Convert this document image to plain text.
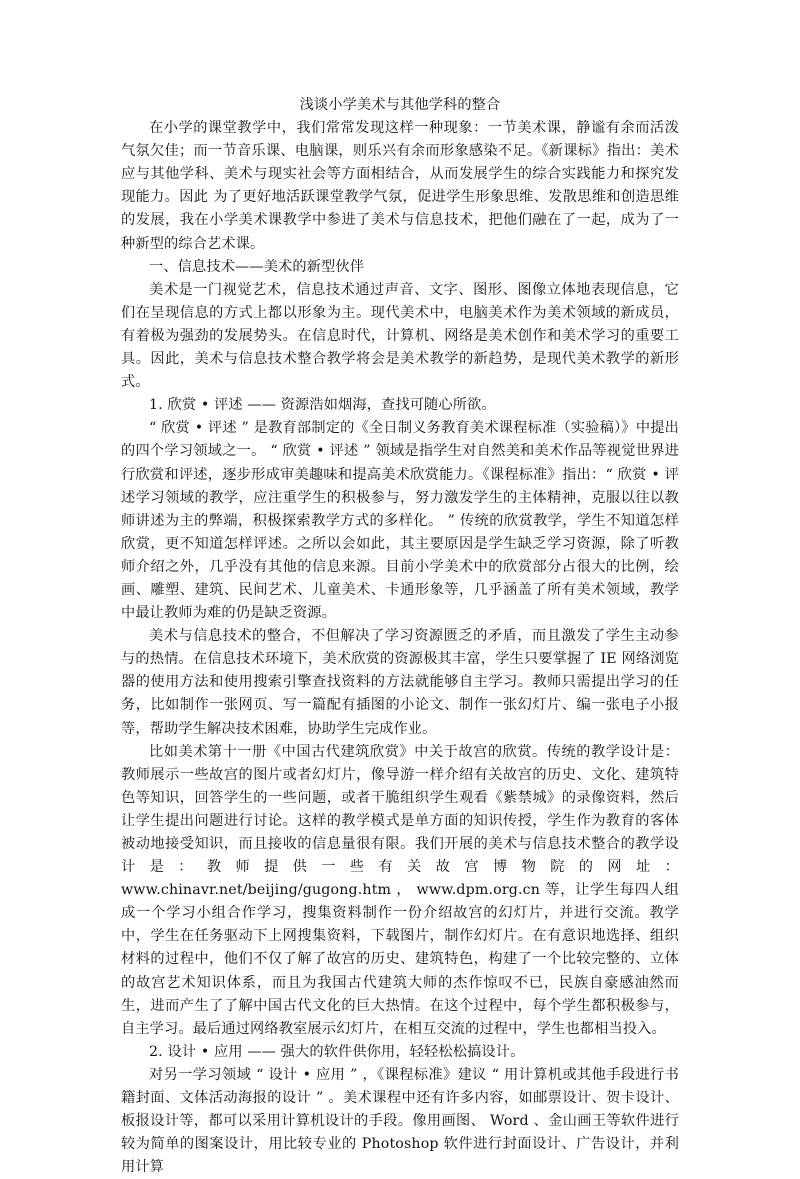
浅谈小学美术与其他学科的整合

在小学的课堂教学中，我们常常发现这样一种现象：一节美术课，静谧有余而活泼气氛欠佳；而一节音乐课、电脑课，则乐兴有余而形象感染不足。《新课标》指出：美术应与其他学科、美术与现实社会等方面相结合，从而发展学生的综合实践能力和探究发现能力。因此 为了更好地活跃课堂教学气氛，促进学生形象思维、发散思维和创造思维的发展，我在小学美术课教学中参进了美术与信息技术，把他们融在了一起，成为了一种新型的综合艺术课。

一、信息技术——美术的新型伙伴

美术是一门视觉艺术，信息技术通过声音、文字、图形、图像立体地表现信息，它们在呈现信息的方式上都以形象为主。现代美术中，电脑美术作为美术领域的新成员，有着极为强劲的发展势头。在信息时代，计算机、网络是美术创作和美术学习的重要工具。因此，美术与信息技术整合教学将会是美术教学的新趋势，是现代美术教学的新形式。

1. 欣赏 • 评述 —— 资源浩如烟海，查找可随心所欲。

“ 欣赏 • 评述 ” 是教育部制定的《全日制义务教育美术课程标准（实验稿）》中提出的四个学习领域之一。 “ 欣赏 • 评述 ” 领域是指学生对自然美和美术作品等视觉世界进行欣赏和评述，逐步形成审美趣味和提高美术欣赏能力。《课程标准》指出：“ 欣赏 • 评述学习领域的教学，应注重学生的积极参与，努力激发学生的主体精神，克服以往以教师讲述为主的弊端，积极探索教学方式的多样化。 ” 传统的欣赏教学，学生不知道怎样欣赏，更不知道怎样评述。之所以会如此，其主要原因是学生缺乏学习资源，除了听教师介绍之外，几乎没有其他的信息来源。目前小学美术中的欣赏部分占很大的比例，绘画、雕塑、建筑、民间艺术、儿童美术、卡通形象等，几乎涵盖了所有美术领域，教学中最让教师为难的仍是缺乏资源。

美术与信息技术的整合，不但解决了学习资源匮乏的矛盾，而且激发了学生主动参与的热情。在信息技术环境下，美术欣赏的资源极其丰富，学生只要掌握了 IE 网络浏览器的使用方法和使用搜索引擎查找资料的方法就能够自主学习。教师只需提出学习的任务，比如制作一张网页、写一篇配有插图的小论文、制作一张幻灯片、编一张电子小报等，帮助学生解决技术困难，协助学生完成作业。

比如美术第十一册《中国古代建筑欣赏》中关于故宫的欣赏。传统的教学设计是：教师展示一些故宫的图片或者幻灯片，像导游一样介绍有关故宫的历史、文化、建筑特色等知识，回答学生的一些问题，或者干脆组织学生观看《紫禁城》的录像资料，然后让学生提出问题进行讨论。这样的教学模式是单方面的知识传授，学生作为教育的客体被动地接受知识，而且接收的信息量很有限。我们开展的美术与信息技术整合的教学设计是：教师提供一些有关故宫博物院的网址： www.chinavr.net/beijing/gugong.htm ， www.dpm.org.cn 等，让学生每四人组成一个学习小组合作学习，搜集资料制作一份介绍故宫的幻灯片，并进行交流。教学中，学生在任务驱动下上网搜集资料，下载图片，制作幻灯片。在有意识地选择、组织材料的过程中，他们不仅了解了故宫的历史、建筑特色，构建了一个比较完整的、立体的故宫艺术知识体系，而且为我国古代建筑大师的杰作惊叹不已，民族自豪感油然而生，进而产生了了解中国古代文化的巨大热情。在这个过程中，每个学生都积极参与，自主学习。最后通过网络教室展示幻灯片，在相互交流的过程中，学生也都相当投入。

2. 设计 • 应用 —— 强大的软件供你用，轻轻松松搞设计。

对另一学习领域 “ 设计 • 应用 ” ，《课程标准》建议 “ 用计算机或其他手段进行书籍封面、文体活动海报的设计 ” 。美术课程中还有许多内容，如邮票设计、贺卡设计、板报设计等，都可以采用计算机设计的手段。像用画图、 Word 、金山画王等软件进行较为简单的图案设计，用比较专业的 Photoshop 软件进行封面设计、广告设计，并利用计算
